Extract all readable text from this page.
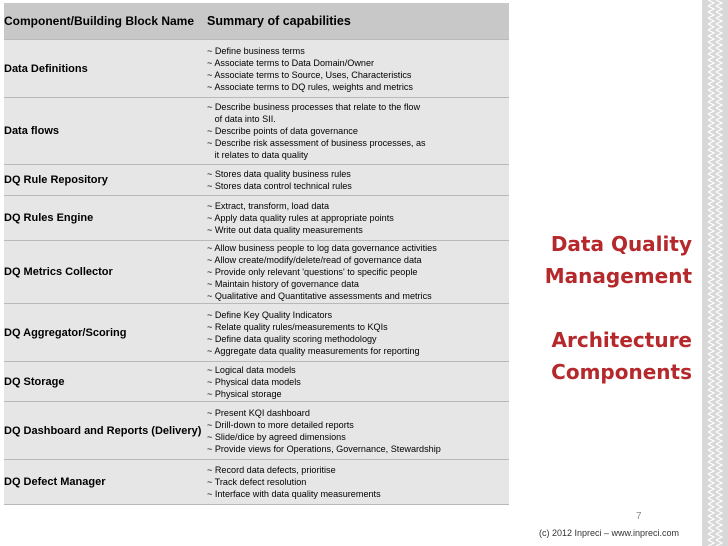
Component/Building Block Name	Summary of capabilities
Data Definitions	~ Define business terms
~ Associate terms to Data Domain/Owner
~ Associate terms to Source, Uses, Characteristics
~ Associate terms to DQ rules, weights and metrics

Data flows	~ Describe business processes that relate to the flow
of data into SII.
~ Describe points of data governance
~ Describe risk assessment of business processes, as
it relates to data quality

DQ Rule Repository	~ Stores data quality business rules
~ Stores data control technical rules

DQ Rules Engine	~ Extract, transform, load data
~ Apply data quality rules at appropriate points
~ Write out data quality measurements

DQ Metrics Collector	~ Allow business people to log data governance activities
~ Allow create/modify/delete/read of governance data
~ Provide only relevant 'questions' to specific people
~ Maintain history of governance data
~ Qualitative and Quantitative assessments and metrics

DQ Aggregator/Scoring	~ Define Key Quality Indicators
~ Relate quality rules/measurements to KQIs
~ Define data quality scoring methodology
~ Aggregate data quality measurements for reporting

DQ Storage	~ Logical data models
~ Physical data models
~ Physical storage

DQ Dashboard and Reports (Delivery)	~ Present KQI dashboard
~ Drill-down to more detailed reports
~ Slide/dice by agreed dimensions
~ Provide views for Operations, Governance, Stewardship

DQ Defect Manager	~ Record data defects, prioritise
~ Track defect resolution
~ Interface with data quality measurements
Data Quality
Management
Architecture
Components
7
(c) 2012 Inpreci – www.inpreci.com
